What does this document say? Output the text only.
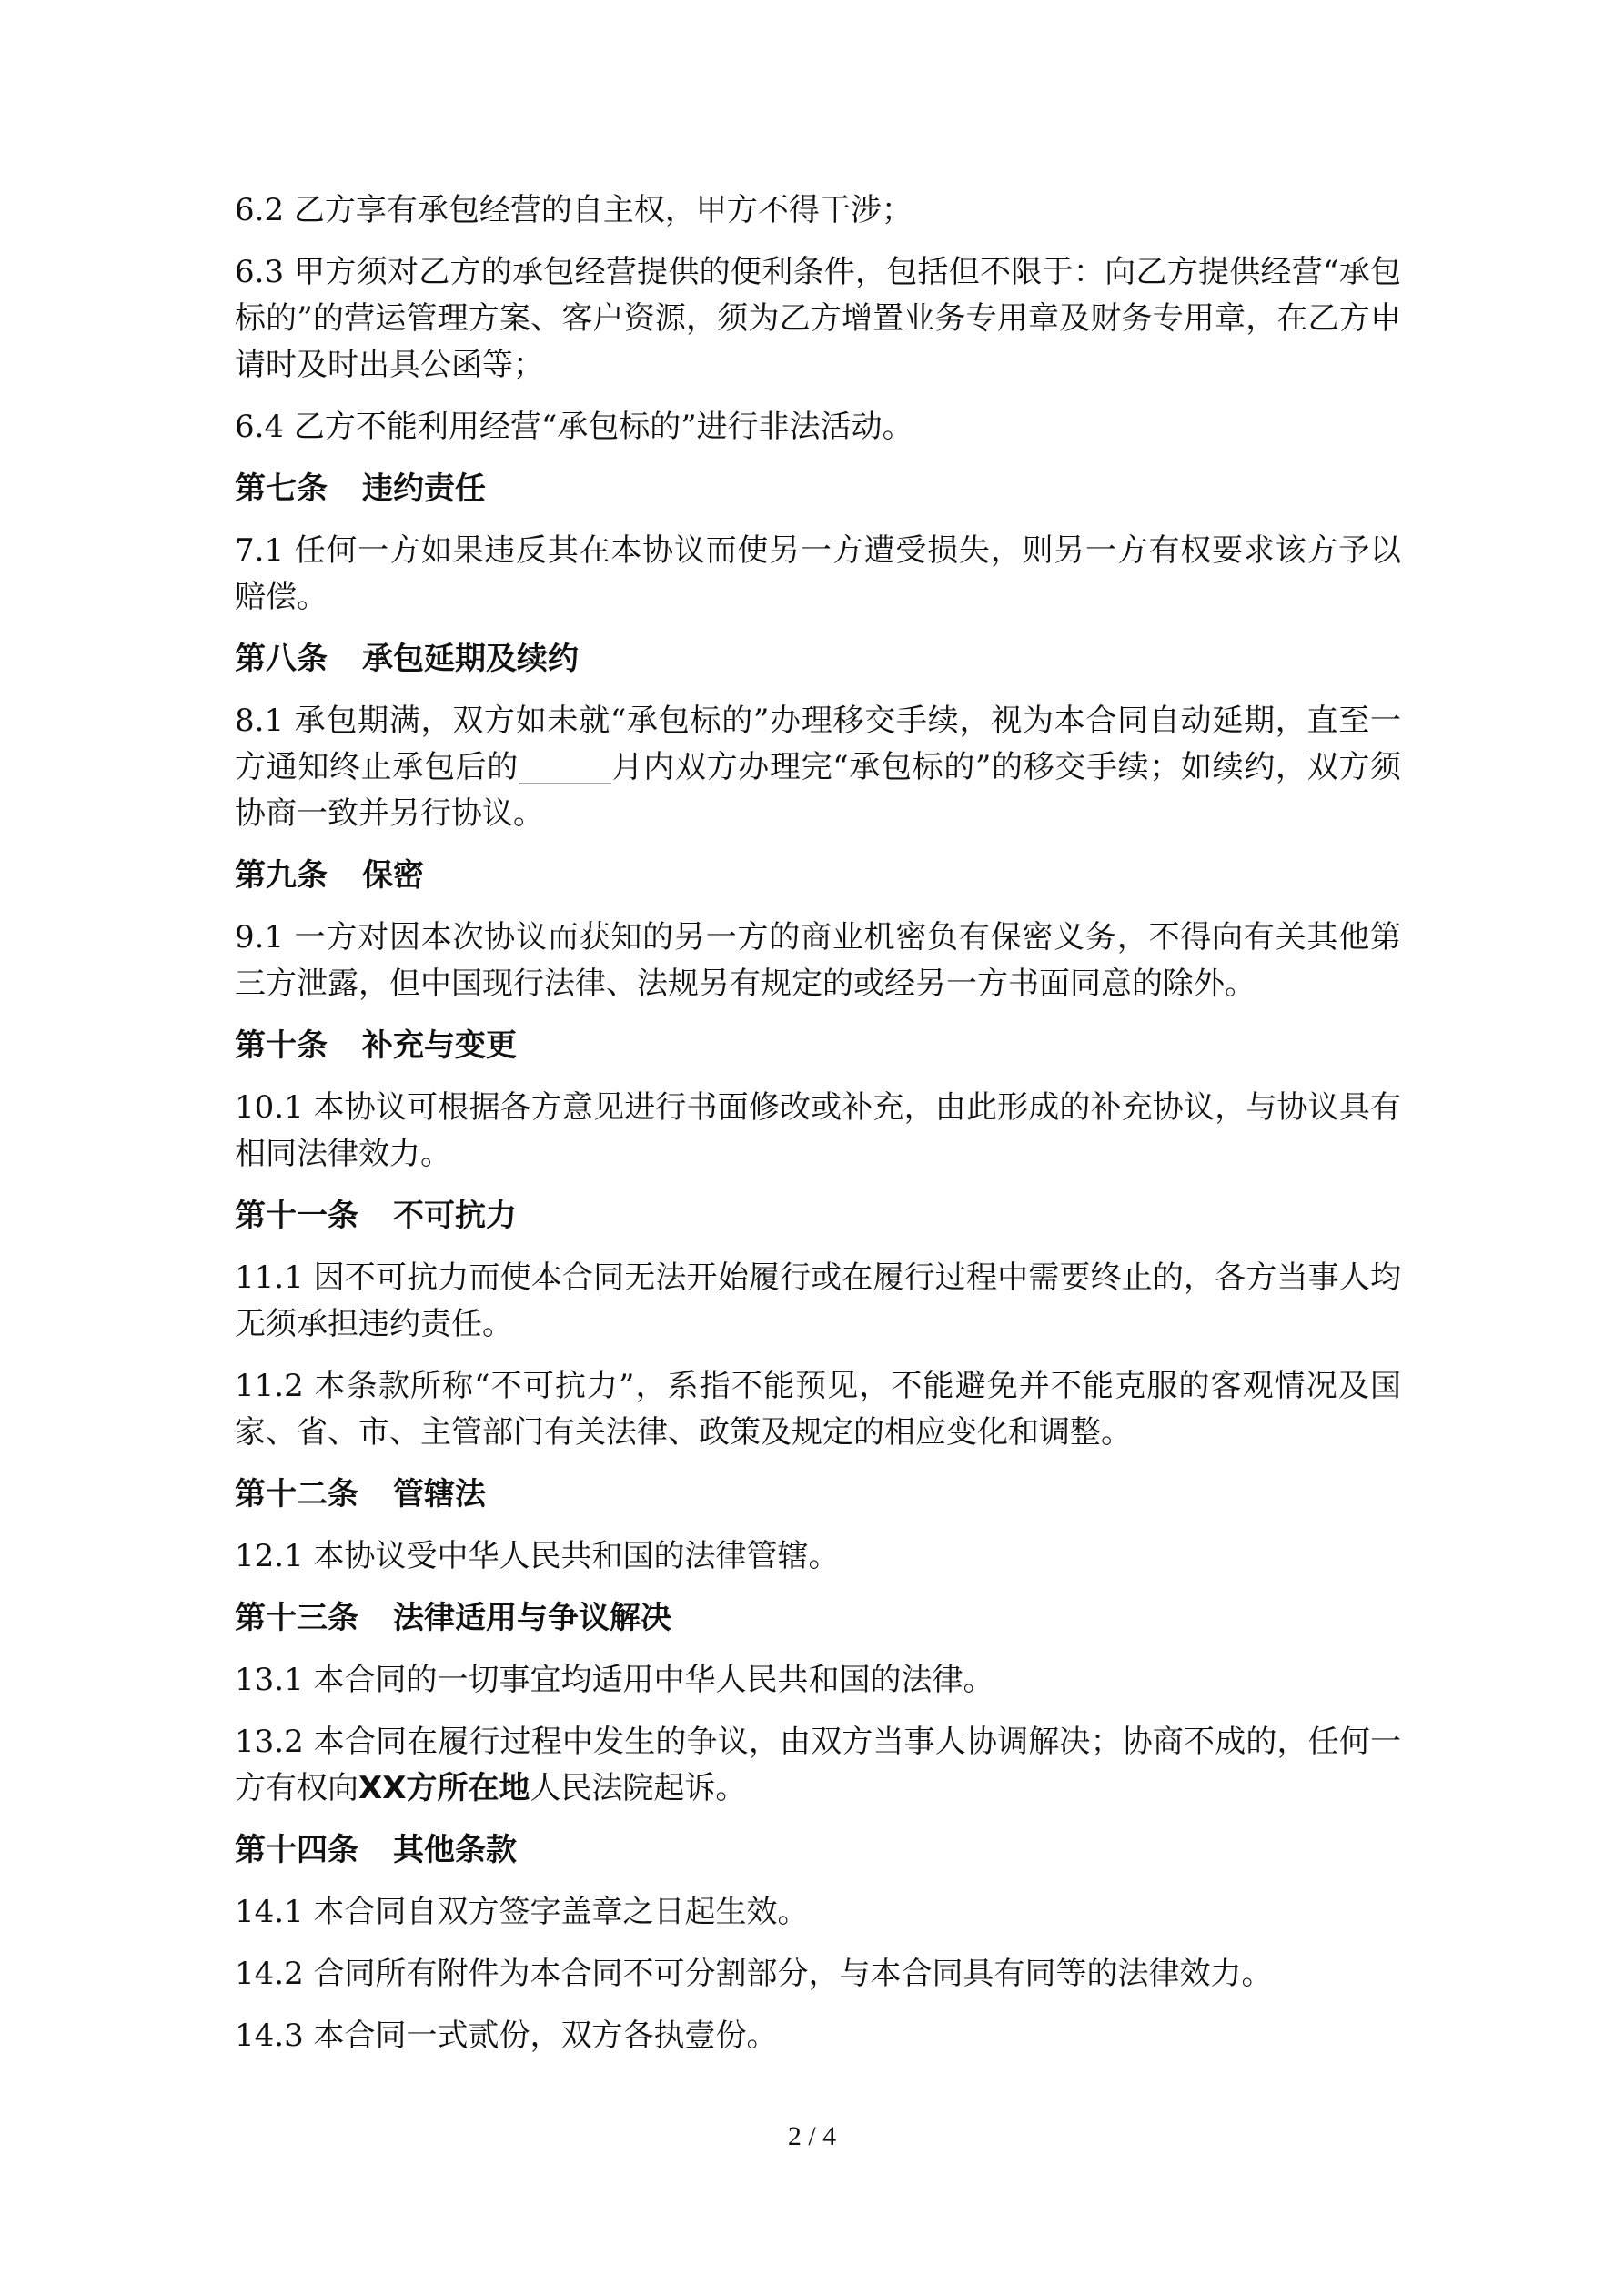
6.2 乙方享有承包经营的自主权，甲方不得干涉；

6.3 甲方须对乙方的承包经营提供的便利条件，包括但不限于：向乙方提供经营“承包标的”的营运管理方案、客户资源，须为乙方增置业务专用章及财务专用章，在乙方申请时及时出具公函等；

6.4 乙方不能利用经营“承包标的”进行非法活动。

第七条 违约责任

7.1 任何一方如果违反其在本协议而使另一方遭受损失，则另一方有权要求该方予以赔偿。

第八条 承包延期及续约

8.1 承包期满，双方如未就“承包标的”办理移交手续，视为本合同自动延期，直至一方通知终止承包后的______月内双方办理完“承包标的”的移交手续；如续约，双方须协商一致并另行协议。

第九条 保密

9.1 一方对因本次协议而获知的另一方的商业机密负有保密义务，不得向有关其他第三方泄露，但中国现行法律、法规另有规定的或经另一方书面同意的除外。

第十条 补充与变更

10.1 本协议可根据各方意见进行书面修改或补充，由此形成的补充协议，与协议具有相同法律效力。

第十一条 不可抗力

11.1 因不可抗力而使本合同无法开始履行或在履行过程中需要终止的，各方当事人均无须承担违约责任。

11.2 本条款所称“不可抗力”，系指不能预见，不能避免并不能克服的客观情况及国家、省、市、主管部门有关法律、政策及规定的相应变化和调整。

第十二条 管辖法

12.1 本协议受中华人民共和国的法律管辖。

第十三条 法律适用与争议解决

13.1 本合同的一切事宜均适用中华人民共和国的法律。

13.2 本合同在履行过程中发生的争议，由双方当事人协调解决；协商不成的，任何一方有权向XX方所在地人民法院起诉。

第十四条 其他条款

14.1 本合同自双方签字盖章之日起生效。

14.2 合同所有附件为本合同不可分割部分，与本合同具有同等的法律效力。

14.3 本合同一式贰份，双方各执壹份。

2 / 4
